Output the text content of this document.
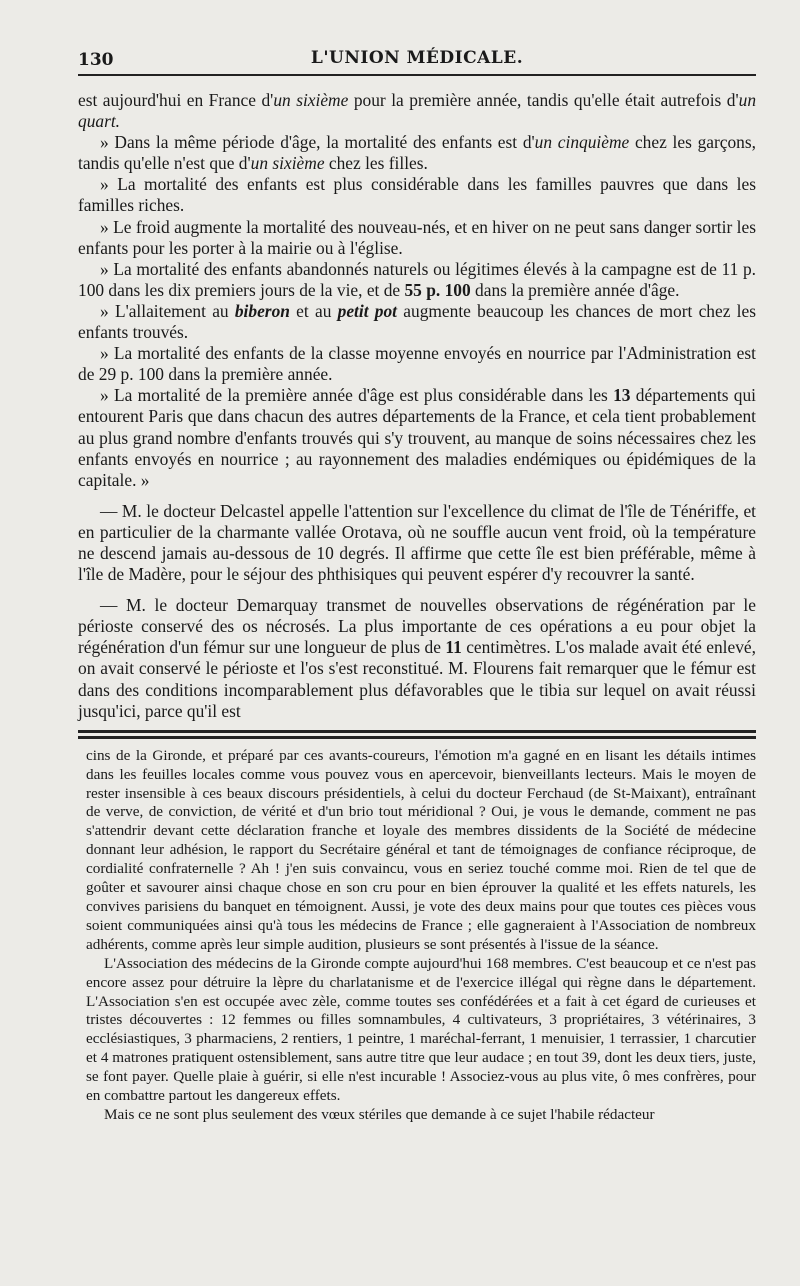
130	L'UNION MÉDICALE.

est aujourd'hui en France d'un sixième pour la première année, tandis qu'elle était autrefois d'un quart.

» Dans la même période d'âge, la mortalité des enfants est d'un cinquième chez les garçons, tandis qu'elle n'est que d'un sixième chez les filles.

» La mortalité des enfants est plus considérable dans les familles pauvres que dans les familles riches.

» Le froid augmente la mortalité des nouveau-nés, et en hiver on ne peut sans danger sortir les enfants pour les porter à la mairie ou à l'église.

» La mortalité des enfants abandonnés naturels ou légitimes élevés à la campagne est de 11 p. 100 dans les dix premiers jours de la vie, et de 55 p. 100 dans la première année d'âge.

» L'allaitement au biberon et au petit pot augmente beaucoup les chances de mort chez les enfants trouvés.

» La mortalité des enfants de la classe moyenne envoyés en nourrice par l'Administration est de 29 p. 100 dans la première année.

» La mortalité de la première année d'âge est plus considérable dans les 13 départements qui entourent Paris que dans chacun des autres départements de la France, et cela tient probablement au plus grand nombre d'enfants trouvés qui s'y trouvent, au manque de soins nécessaires chez les enfants envoyés en nourrice ; au rayonnement des maladies endémiques ou épidémiques de la capitale. »

— M. le docteur Delcastel appelle l'attention sur l'excellence du climat de l'île de Ténériffe, et en particulier de la charmante vallée Orotava, où ne souffle aucun vent froid, où la température ne descend jamais au-dessous de 10 degrés. Il affirme que cette île est bien préférable, même à l'île de Madère, pour le séjour des phthisiques qui peuvent espérer d'y recouvrer la santé.

— M. le docteur Demarquay transmet de nouvelles observations de régénération par le périoste conservé des os nécrosés. La plus importante de ces opérations a eu pour objet la régénération d'un fémur sur une longueur de plus de 11 centimètres. L'os malade avait été enlevé, on avait conservé le périoste et l'os s'est reconstitué. M. Flourens fait remarquer que le fémur est dans des conditions incomparablement plus défavorables que le tibia sur lequel on avait réussi jusqu'ici, parce qu'il est

cins de la Gironde, et préparé par ces avants-coureurs, l'émotion m'a gagné en en lisant les détails intimes dans les feuilles locales comme vous pouvez vous en apercevoir, bienveillants lecteurs. Mais le moyen de rester insensible à ces beaux discours présidentiels, à celui du docteur Ferchaud (de St-Maixant), entraînant de verve, de conviction, de vérité et d'un brio tout méridional ? Oui, je vous le demande, comment ne pas s'attendrir devant cette déclaration franche et loyale des membres dissidents de la Société de médecine donnant leur adhésion, le rapport du Secrétaire général et tant de témoignages de confiance réciproque, de cordialité confraternelle ? Ah ! j'en suis convaincu, vous en seriez touché comme moi. Rien de tel que de goûter et savourer ainsi chaque chose en son cru pour en bien éprouver la qualité et les effets naturels, les convives parisiens du banquet en témoignent. Aussi, je vote des deux mains pour que toutes ces pièces vous soient communiquées ainsi qu'à tous les médecins de France ; elle gagneraient à l'Association de nombreux adhérents, comme après leur simple audition, plusieurs se sont présentés à l'issue de la séance.

L'Association des médecins de la Gironde compte aujourd'hui 168 membres. C'est beaucoup et ce n'est pas encore assez pour détruire la lèpre du charlatanisme et de l'exercice illégal qui règne dans le département. L'Association s'en est occupée avec zèle, comme toutes ses confédérées et a fait à cet égard de curieuses et tristes découvertes : 12 femmes ou filles somnambules, 4 cultivateurs, 3 propriétaires, 3 vétérinaires, 3 ecclésiastiques, 3 pharmaciens, 2 rentiers, 1 peintre, 1 maréchal-ferrant, 1 menuisier, 1 terrassier, 1 charcutier et 4 matrones pratiquent ostensiblement, sans autre titre que leur audace ; en tout 39, dont les deux tiers, juste, se font payer. Quelle plaie à guérir, si elle n'est incurable ! Associez-vous au plus vite, ô mes confrères, pour en combattre partout les dangereux effets.

Mais ce ne sont plus seulement des vœux stériles que demande à ce sujet l'habile rédacteur
